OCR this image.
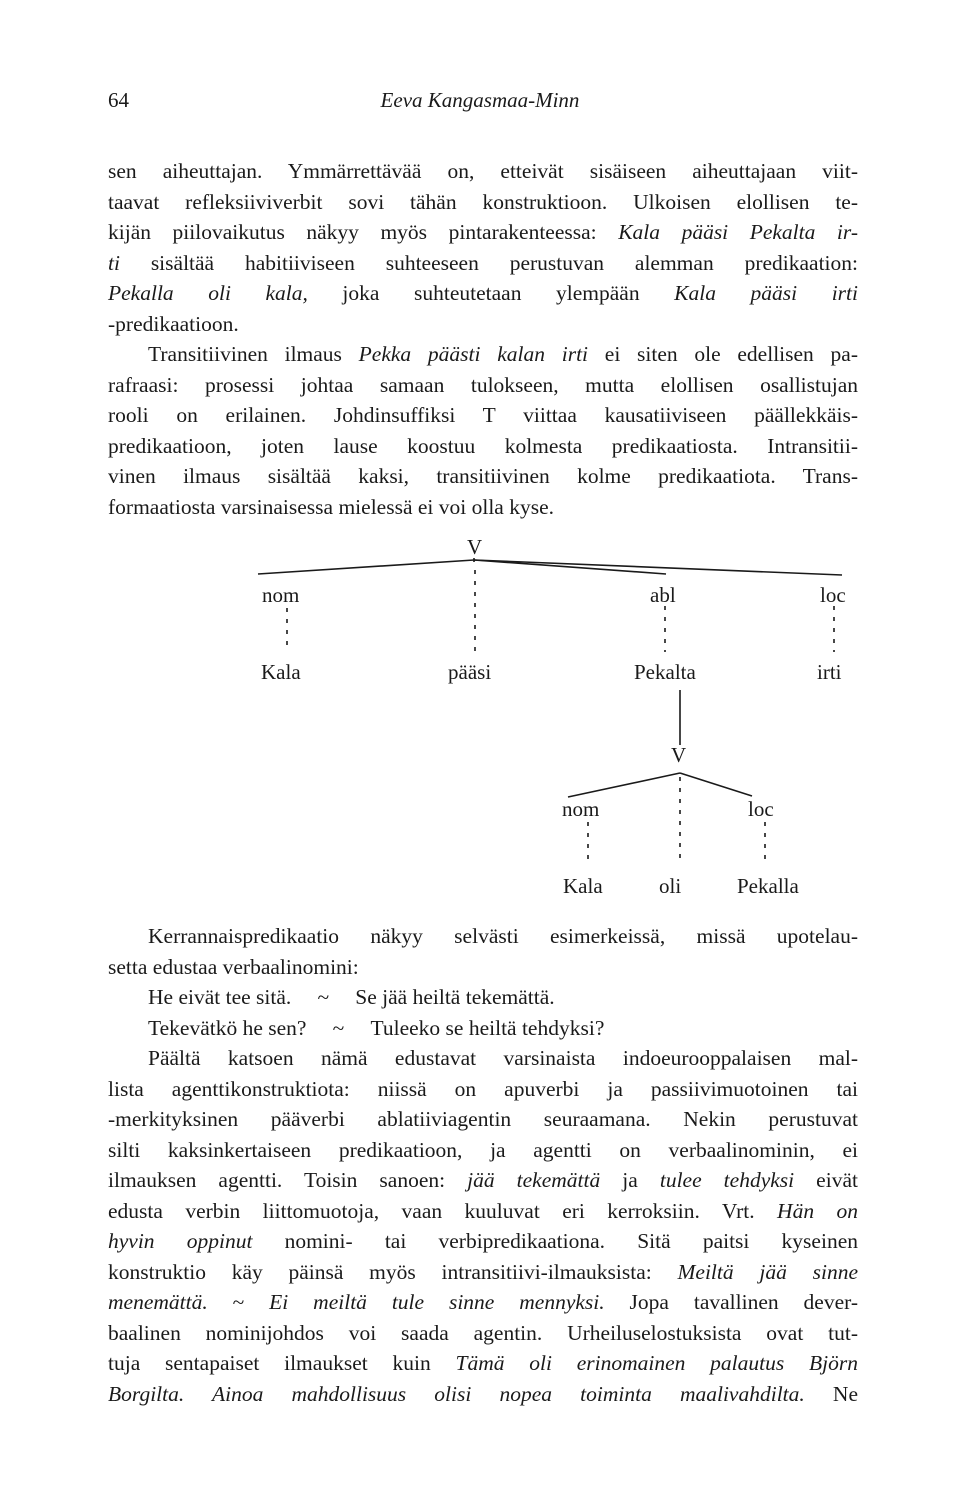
64	Eeva Kangasmaa-Minn
sen aiheuttajan. Ymmärrettävää on, etteivät sisäiseen aiheuttajaan viit-
taavat refleksiiviverbit sovi tähän konstruktioon. Ulkoisen elollisen te-
kijän piilovaikutus näkyy myös pintarakenteessa: Kala pääsi Pekalta ir-
ti sisältää habitiiviseen suhteeseen perustuvan alemman predikaation:
Pekalla oli kala, joka suhteutetaan ylempään Kala pääsi irti
-predikaatioon.
Transitiivinen ilmaus Pekka päästi kalan irti ei siten ole edellisen pa-
rafraasi: prosessi johtaa samaan tulokseen, mutta elollisen osallistujan
rooli on erilainen. Johdinsuffiksi T viittaa kausatiiviseen päällekkäis-
predikaatioon, joten lause koostuu kolmesta predikaatiosta. Intransitii-
vinen ilmaus sisältää kaksi, transitiivinen kolme predikaatiota. Trans-
formaatiosta varsinaisessa mielessä ei voi olla kyse.
V
nom	abl	loc
Kala	pääsi	Pekalta	irti
V
nom	loc
Kala	oli	Pekalla
Kerrannaispredikaatio näkyy selvästi esimerkeissä, missä upotelau-
setta edustaa verbaalinomini:
He eivät tee sitä. ~ Se jää heiltä tekemättä.
Tekevätkö he sen? ~ Tuleeko se heiltä tehdyksi?
Päältä katsoen nämä edustavat varsinaista indoeurooppalaisen mal-
lista agenttikonstruktiota: niissä on apuverbi ja passiivimuotoinen tai
-merkityksinen pääverbi ablatiiviagentin seuraamana. Nekin perustuvat
silti kaksinkertaiseen predikaatioon, ja agentti on verbaalinominin, ei
ilmauksen agentti. Toisin sanoen: jää tekemättä ja tulee tehdyksi eivät
edusta verbin liittomuotoja, vaan kuuluvat eri kerroksiin. Vrt. Hän on
hyvin oppinut nomini- tai verbipredikaationa. Sitä paitsi kyseinen
konstruktio käy päinsä myös intransitiivi-ilmauksista: Meiltä jää sinne
menemättä. ~ Ei meiltä tule sinne mennyksi. Jopa tavallinen dever-
baalinen nominijohdos voi saada agentin. Urheiluselostuksista ovat tut-
tuja sentapaiset ilmaukset kuin Tämä oli erinomainen palautus Björn
Borgilta. Ainoa mahdollisuus olisi nopea toiminta maalivahdilta. Ne
